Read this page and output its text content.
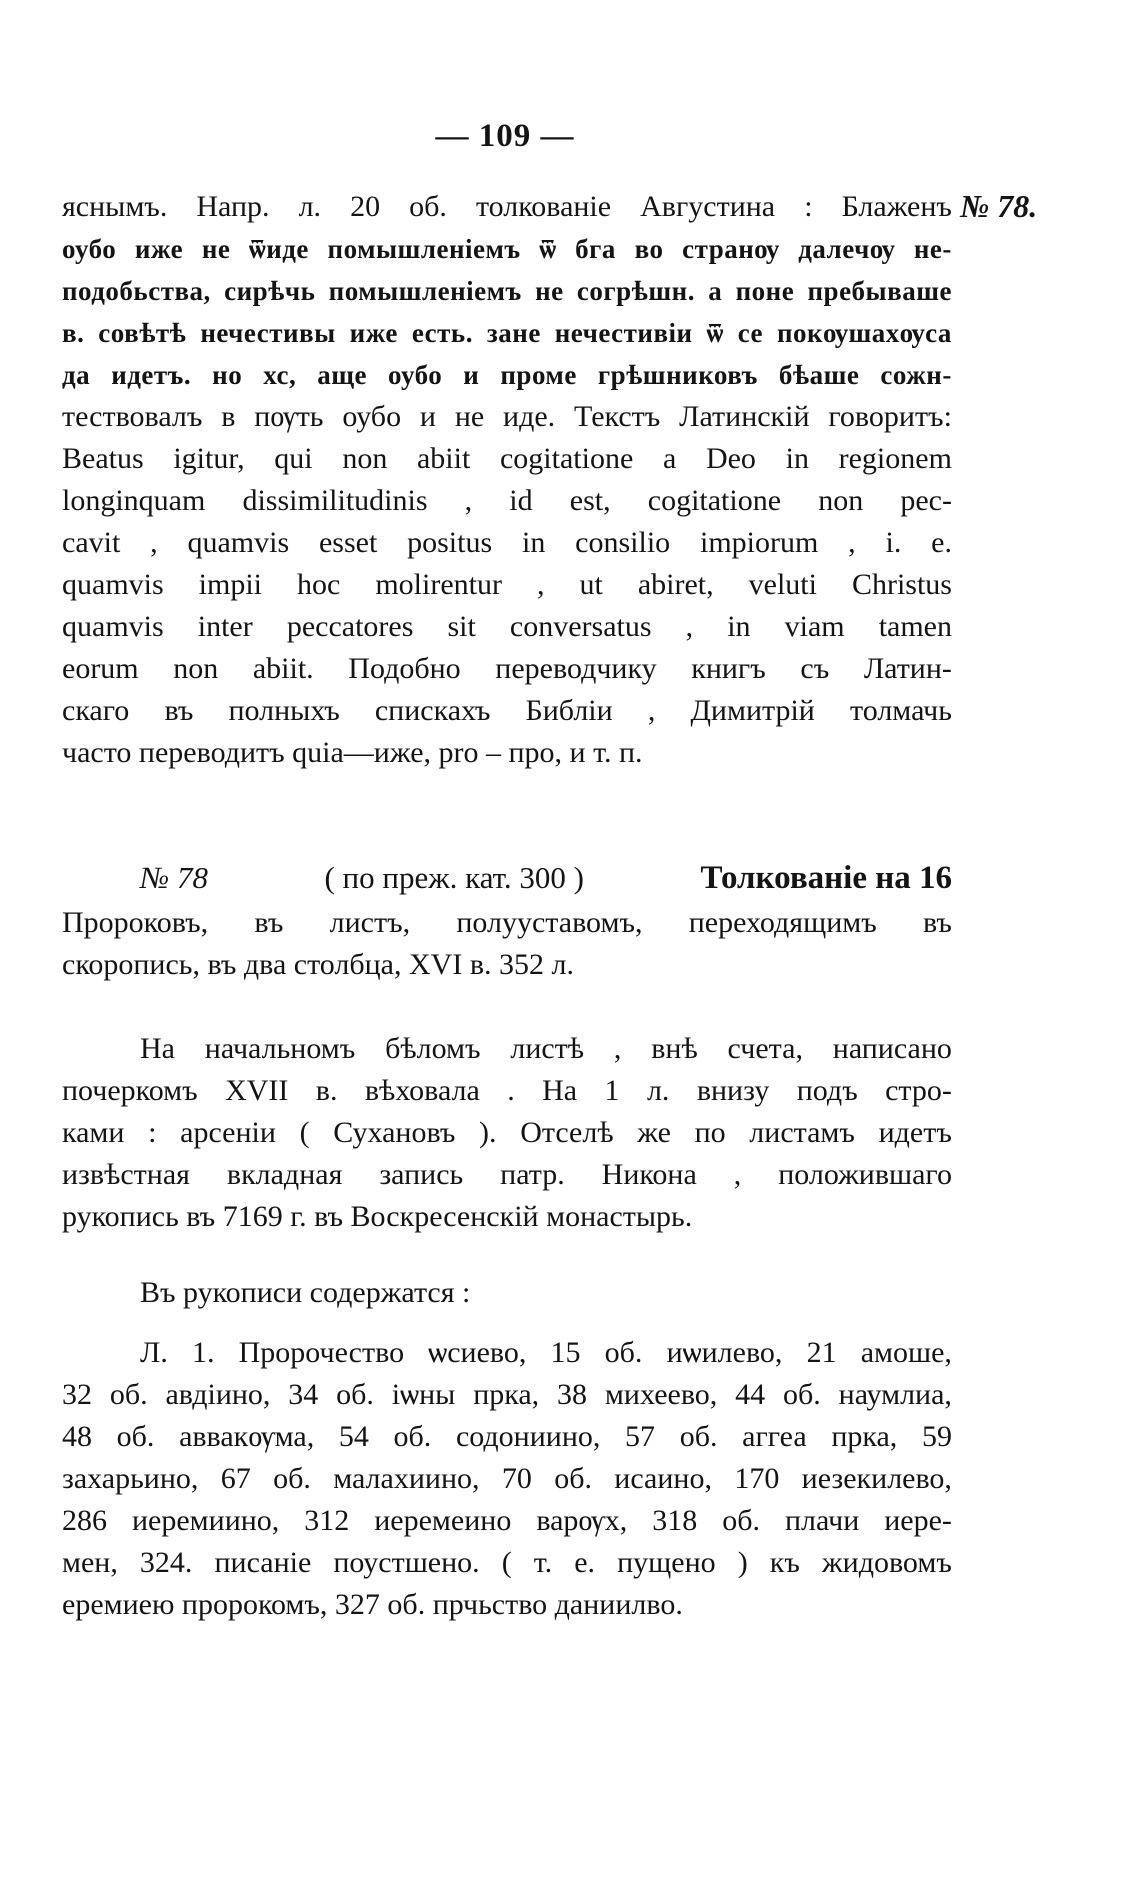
— 109 —
№ 78.
яснымъ. Напр. л. 20 об. толкованіе Августина : Блаженъ
оубо иже не ѿиде помышленіемъ ѿ бга во странѹ далечѹ не-
подобьства, сирѣчь помышленіемъ не согрѣшн. а поне пребываше
в. совѣтѣ нечестивы иже есть. зане нечестивіи ѿ се покѹшахѹса
да идетъ. но хс, аще оубо и проме грѣшниковъ бѣаше сожн-
тествовалъ в пѹть оубо и не иде. Текстъ Латинскій говоритъ:
Beatus igitur, qui non abiit cogitatione a Deo in regionem
longinquam dissimilitudinis , id est, cogitatione non pec-
cavit , quamvis esset positus in consilio impiorum , i. e.
quamvis impii hoc molirentur , ut abiret, veluti Christus
quamvis inter peccatores sit conversatus , in viam tamen
eorum non abiit. Подобно переводчику книгъ съ Латин-
скаго въ полныхъ спискахъ Библіи , Димитрій толмачь
часто переводитъ quia—иже, pro – про, и т. п.
№ 78	( по преж. кат. 300 )	Толкованіе на 16
Пророковъ, въ листъ, полууставомъ, переходящимъ въ
скоропись, въ два столбца, XVI в. 352 л.
На начальномъ бѣломъ листѣ , внѣ счета, написано
почеркомъ XVII в. вѣховала . На 1 л. внизу подъ стро-
ками : арсеніи ( Сухановъ ). Отселѣ же по листамъ идетъ
извѣстная вкладная запись патр. Никона , положившаго
рукопись въ 7169 г. въ Воскресенскій монастырь.
Въ рукописи содержатся :
Л. 1. Пророчество ѡсиево, 15 об. иѡилево, 21 амоше,
32 об. авдіино, 34 об. іѡны прка, 38 михеево, 44 об. наумлиа,
48 об. аввакѹма, 54 об. содониино, 57 об. аггеа прка, 59
захарьино, 67 об. малахиино, 70 об. исаино, 170 иезекилево,
286 иеремиино, 312 иеремеино варѹх, 318 об. плачи иере-
мен, 324. писаніе поустшено. ( т. е. пущено ) къ жидовомъ
еремиею пророкомъ, 327 об. прчьство даниилво.
